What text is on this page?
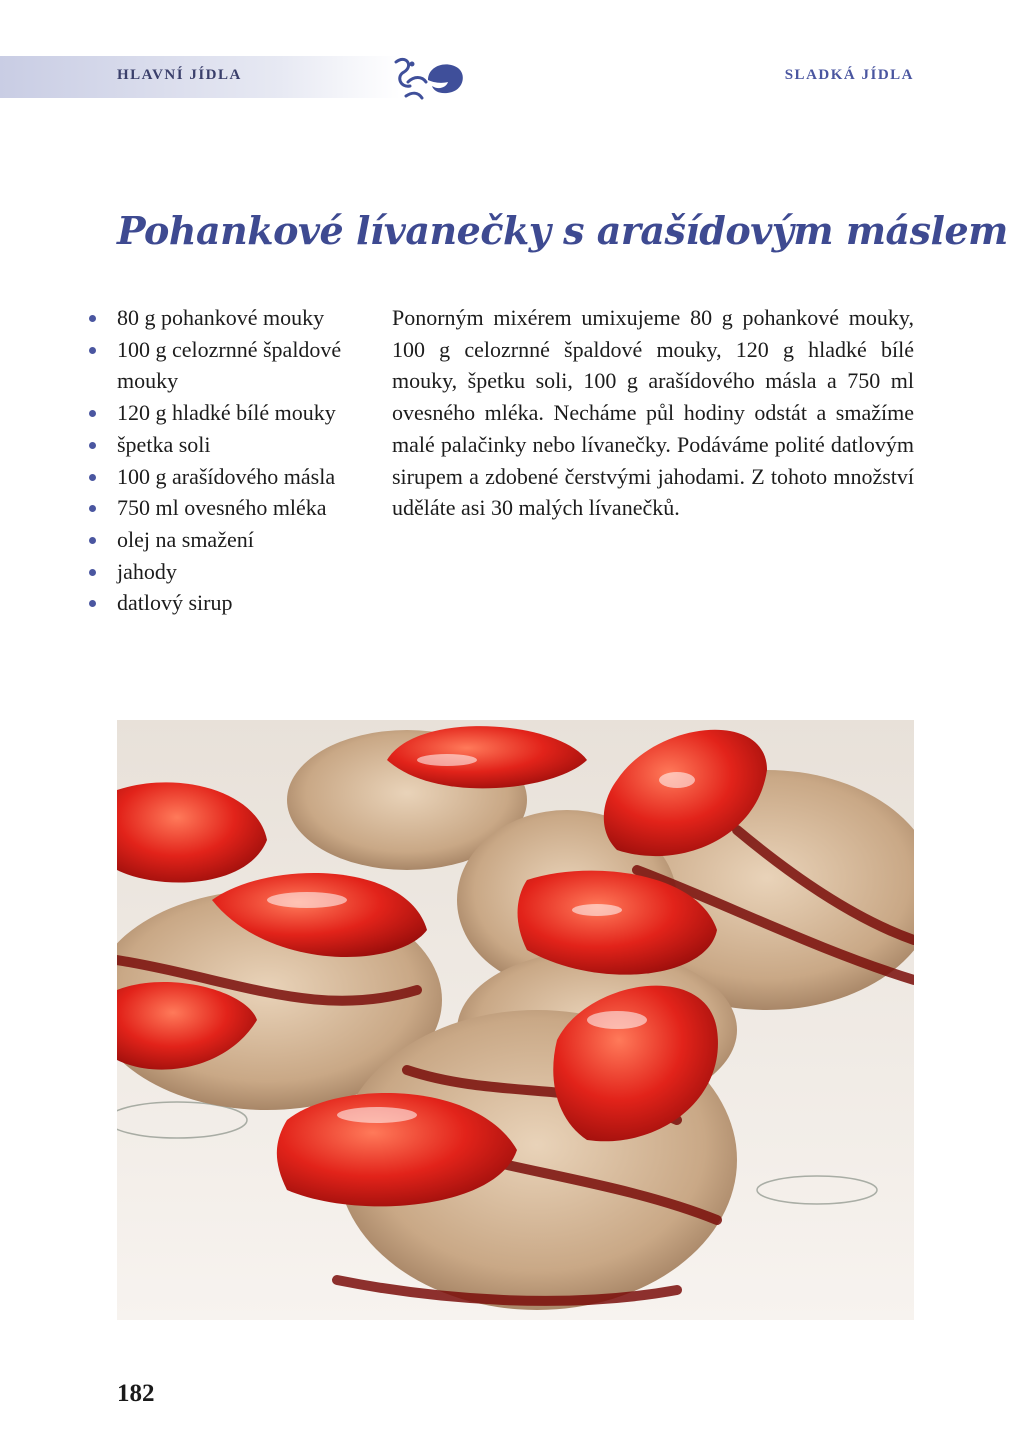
HLAVNÍ JÍDLA	SLADKÁ JÍDLA
Pohankové lívanečky s arašídovým máslem
80 g pohankové mouky
100 g celozrnné špaldové mouky
120 g hladké bílé mouky
špetka soli
100 g arašídového másla
750 ml ovesného mléka
olej na smažení
jahody
datlový sirup

Ponorným mixérem umixujeme 80 g pohankové mouky, 100 g celozrnné špaldové mouky, 120 g hladké bílé mouky, špetku soli, 100 g arašídového másla a 750 ml ovesného mléka. Necháme půl hodiny odstát a smažíme malé palačinky nebo lívanečky. Podáváme polité datlovým sirupem a zdobené čerstvými jahodami. Z tohoto množství uděláte asi 30 malých lívanečků.

182
